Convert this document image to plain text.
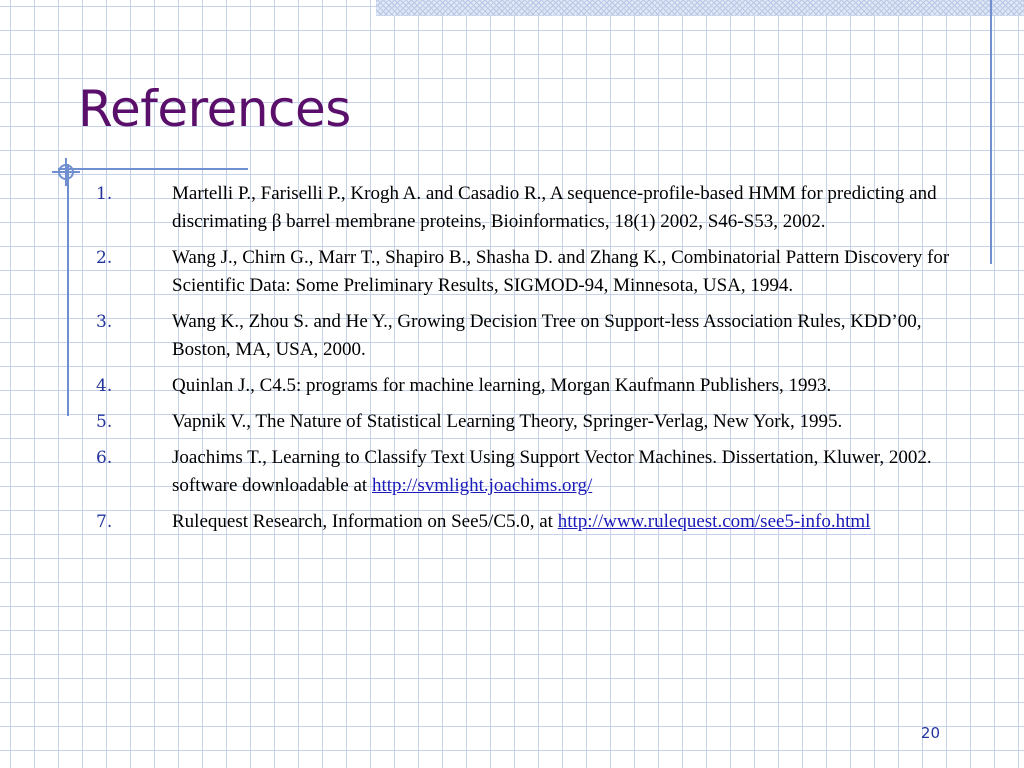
References
1.	Martelli P., Fariselli P., Krogh A. and Casadio R., A sequence-profile-based HMM for predicting and discrimating β barrel membrane proteins, Bioinformatics, 18(1) 2002, S46-S53, 2002.
2.	Wang J., Chirn G., Marr T., Shapiro B., Shasha D. and Zhang K., Combinatorial Pattern Discovery for Scientific Data: Some Preliminary Results, SIGMOD-94, Minnesota, USA, 1994.
3.	Wang K., Zhou S. and He Y., Growing Decision Tree on Support-less Association Rules, KDD’00, Boston, MA, USA, 2000.
4.	Quinlan J., C4.5: programs for machine learning, Morgan Kaufmann Publishers, 1993.
5.	Vapnik V., The Nature of Statistical Learning Theory, Springer-Verlag, New York, 1995.
6.	Joachims T., Learning to Classify Text Using Support Vector Machines. Dissertation, Kluwer, 2002. software downloadable at http://svmlight.joachims.org/
7.	Rulequest Research, Information on See5/C5.0, at http://www.rulequest.com/see5-info.html
20
